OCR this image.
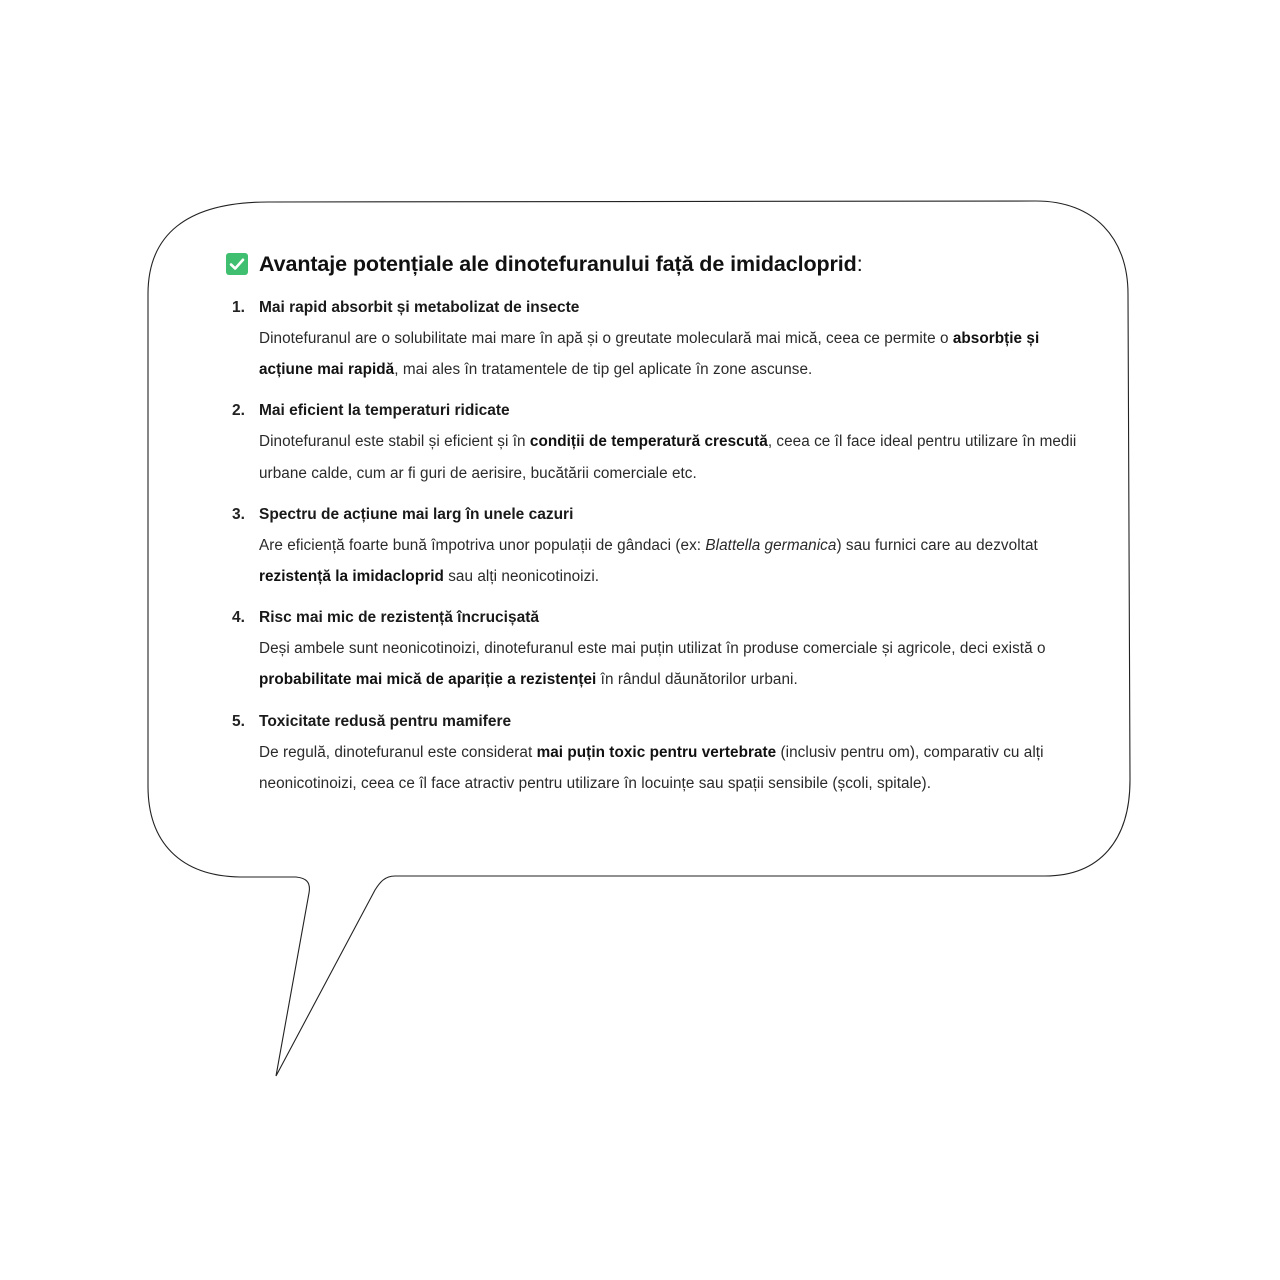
Avantaje potențiale ale dinotefuranului față de imidacloprid:
1. Mai rapid absorbit și metabolizat de insecte
Dinotefuranul are o solubilitate mai mare în apă și o greutate moleculară mai mică, ceea ce permite o absorbție și acțiune mai rapidă, mai ales în tratamentele de tip gel aplicate în zone ascunse.
2. Mai eficient la temperaturi ridicate
Dinotefuranul este stabil și eficient și în condiții de temperatură crescută, ceea ce îl face ideal pentru utilizare în medii urbane calde, cum ar fi guri de aerisire, bucătării comerciale etc.
3. Spectru de acțiune mai larg în unele cazuri
Are eficiență foarte bună împotriva unor populații de gândaci (ex: Blattella germanica) sau furnici care au dezvoltat rezistență la imidacloprid sau alți neonicotinoizi.
4. Risc mai mic de rezistență încrucișată
Deși ambele sunt neonicotinoizi, dinotefuranul este mai puțin utilizat în produse comerciale și agricole, deci există o probabilitate mai mică de apariție a rezistenței în rândul dăunătorilor urbani.
5. Toxicitate redusă pentru mamifere
De regulă, dinotefuranul este considerat mai puțin toxic pentru vertebrate (inclusiv pentru om), comparativ cu alți neonicotinoizi, ceea ce îl face atractiv pentru utilizare în locuințe sau spații sensibile (școli, spitale).
